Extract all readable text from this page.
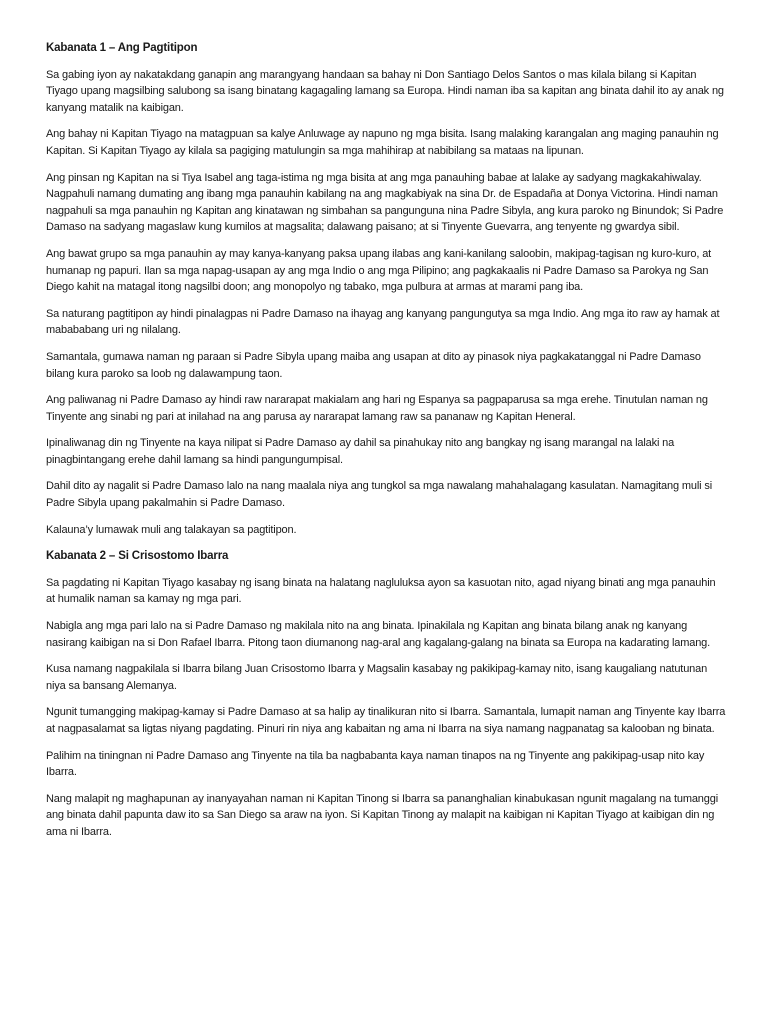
Kabanata 1 – Ang Pagtitipon

Sa gabing iyon ay nakatakdang ganapin ang marangyang handaan sa bahay ni Don Santiago Delos Santos o mas kilala bilang si Kapitan Tiyago upang magsilbing salubong sa isang binatang kagagaling lamang sa Europa. Hindi naman iba sa kapitan ang binata dahil ito ay anak ng kanyang matalik na kaibigan.

Ang bahay ni Kapitan Tiyago na matagpuan sa kalye Anluwage ay napuno ng mga bisita. Isang malaking karangalan ang maging panauhin ng Kapitan. Si Kapitan Tiyago ay kilala sa pagiging matulungin sa mga mahihirap at nabibilang sa mataas na lipunan.

Ang pinsan ng Kapitan na si Tiya Isabel ang taga-istima ng mga bisita at ang mga panauhing babae at lalake ay sadyang magkakahiwalay. Nagpahuli namang dumating ang ibang mga panauhin kabilang na ang magkabiyak na sina Dr. de Espadaña at Donya Victorina. Hindi naman nagpahuli sa mga panauhin ng Kapitan ang kinatawan ng simbahan sa pangunguna nina Padre Sibyla, ang kura paroko ng Binundok; Si Padre Damaso na sadyang magaslaw kung kumilos at magsalita; dalawang paisano; at si Tinyente Guevarra, ang tenyente ng gwardya sibil.

Ang bawat grupo sa mga panauhin ay may kanya-kanyang paksa upang ilabas ang kani-kanilang saloobin, makipag-tagisan ng kuro-kuro, at humanap ng papuri. Ilan sa mga napag-usapan ay ang mga Indio o ang mga Pilipino; ang pagkakaalis ni Padre Damaso sa Parokya ng San Diego kahit na matagal itong nagsilbi doon; ang monopolyo ng tabako, mga pulbura at armas at marami pang iba.

Sa naturang pagtitipon ay hindi pinalagpas ni Padre Damaso na ihayag ang kanyang pangungutya sa mga Indio. Ang mga ito raw ay hamak at mabababang uri ng nilalang.

Samantala, gumawa naman ng paraan si Padre Sibyla upang maiba ang usapan at dito ay pinasok niya pagkakatanggal ni Padre Damaso bilang kura paroko sa loob ng dalawampung taon.

Ang paliwanag ni Padre Damaso ay hindi raw nararapat makialam ang hari ng Espanya sa pagpaparusa sa mga erehe. Tinutulan naman ng Tinyente ang sinabi ng pari at inilahad na ang parusa ay nararapat lamang raw sa pananaw ng Kapitan Heneral.

Ipinaliwanag din ng Tinyente na kaya nilipat si Padre Damaso ay dahil sa pinahukay nito ang bangkay ng isang marangal na lalaki na pinagbintangang erehe dahil lamang sa hindi pangungumpisal.

Dahil dito ay nagalit si Padre Damaso lalo na nang maalala niya ang tungkol sa mga nawalang mahahalagang kasulatan. Namagitang muli si Padre Sibyla upang pakalmahin si Padre Damaso.

Kalauna’y lumawak muli ang talakayan sa pagtitipon.

Kabanata 2 – Si Crisostomo Ibarra

Sa pagdating ni Kapitan Tiyago kasabay ng isang binata na halatang nagluluksa ayon sa kasuotan nito, agad niyang binati ang mga panauhin at humalik naman sa kamay ng mga pari.

Nabigla ang mga pari lalo na si Padre Damaso ng makilala nito na ang binata. Ipinakilala ng Kapitan ang binata bilang anak ng kanyang nasirang kaibigan na si Don Rafael Ibarra. Pitong taon diumanong nag-aral ang kagalang-galang na binata sa Europa na kadarating lamang.

Kusa namang nagpakilala si Ibarra bilang Juan Crisostomo Ibarra y Magsalin kasabay ng pakikipag-kamay nito, isang kaugaliang natutunan niya sa bansang Alemanya.

Ngunit tumangging makipag-kamay si Padre Damaso at sa halip ay tinalikuran nito si Ibarra. Samantala, lumapit naman ang Tinyente kay Ibarra at nagpasalamat sa ligtas niyang pagdating. Pinuri rin niya ang kabaitan ng ama ni Ibarra na siya namang nagpanatag sa kalooban ng binata.

Palihim na tiningnan ni Padre Damaso ang Tinyente na tila ba nagbabanta kaya naman tinapos na ng Tinyente ang pakikipag-usap nito kay Ibarra.

Nang malapit ng maghapunan ay inanyayahan naman ni Kapitan Tinong si Ibarra sa pananghalian kinabukasan ngunit magalang na tumanggi ang binata dahil papunta daw ito sa San Diego sa araw na iyon. Si Kapitan Tinong ay malapit na kaibigan ni Kapitan Tiyago at kaibigan din ng ama ni Ibarra.
